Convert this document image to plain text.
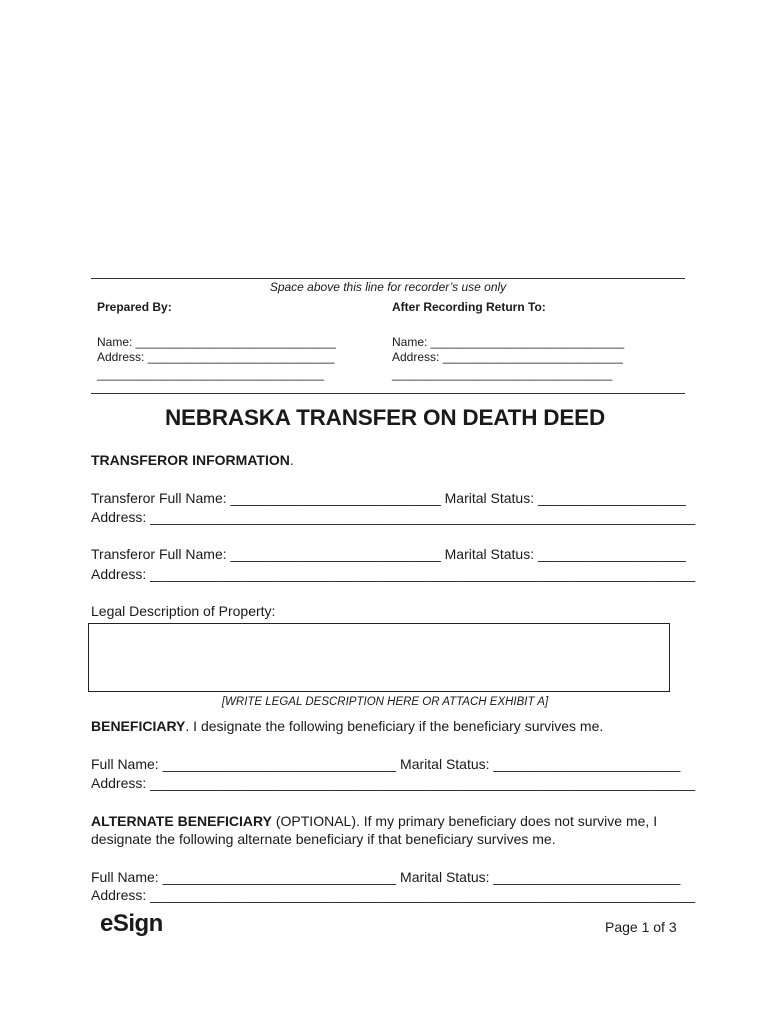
Space above this line for recorder’s use only
Prepared By:
Name: ______________________________
Address: ____________________________
__________________________________
After Recording Return To:
Name: _____________________________
Address: ___________________________
_________________________________
NEBRASKA TRANSFER ON DEATH DEED
TRANSFEROR INFORMATION.
Transferor Full Name: ___________________________ Marital Status: ___________________
Address: ______________________________________________________________________
Transferor Full Name: ___________________________ Marital Status: ___________________
Address: ______________________________________________________________________
Legal Description of Property:
[WRITE LEGAL DESCRIPTION HERE OR ATTACH EXHIBIT A]
BENEFICIARY. I designate the following beneficiary if the beneficiary survives me.
Full Name: ______________________________ Marital Status: ________________________
Address: ______________________________________________________________________
ALTERNATE BENEFICIARY (OPTIONAL). If my primary beneficiary does not survive me, I
designate the following alternate beneficiary if that beneficiary survives me.
Full Name: ______________________________ Marital Status: ________________________
Address: ______________________________________________________________________
eSign	Page 1 of 3
